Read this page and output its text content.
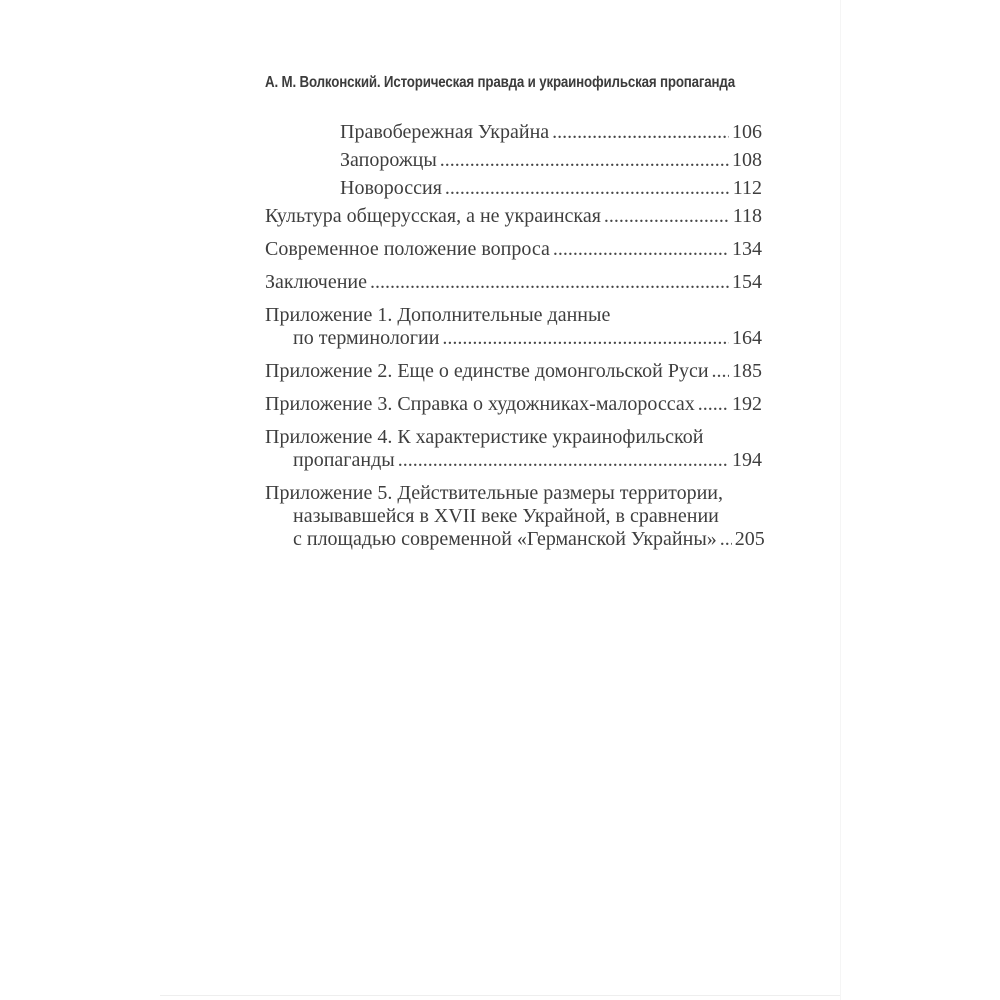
А. М. Волконский. Историческая правда и украинофильская пропаганда
Правобережная Украйна .....	106
Запорожцы .....	108
Новороссия .....	112
Культура общерусская, а не украинская .....	118
Современное положение вопроса .....	134
Заключение .....	154
Приложение 1. Дополнительные данные
по терминологии .....	164
Приложение 2. Еще о единстве домонгольской Руси ..... 185
Приложение 3. Справка о художниках-малороссах ..... 192
Приложение 4. К характеристике украинофильской
пропаганды .....	194
Приложение 5. Действительные размеры территории,
называвшейся в XVII веке Украйной, в сравнении
с площадью современной «Германской Украйны» ..... 205
